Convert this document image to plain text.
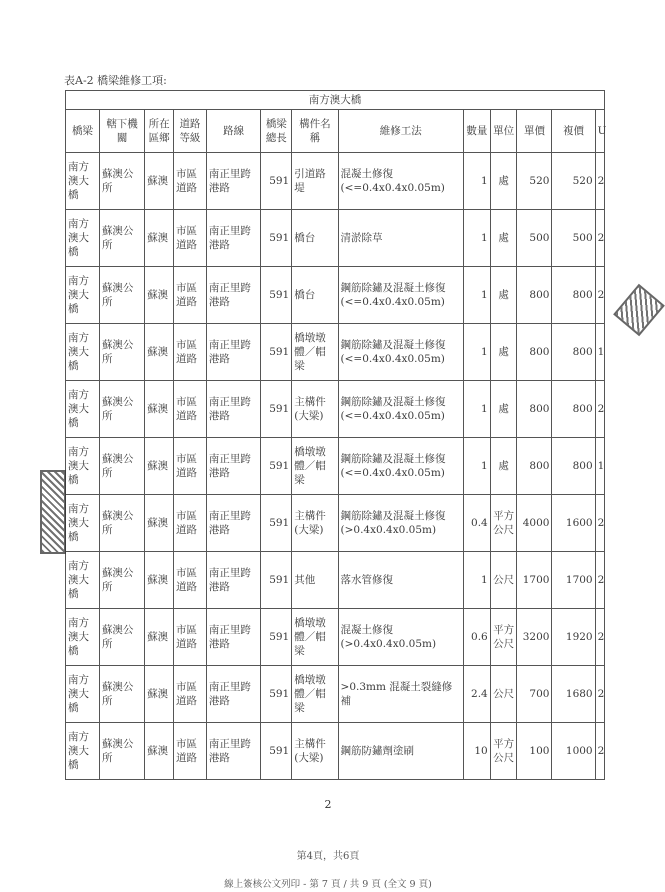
表A-2 橋梁維修工項:
南方澳大橋												
橋梁	轄下機關	所在區鄉	道路等級	路線	橋梁總長	構件名稱	維修工法	數量	單位	單價	複價	U
南方澳大橋	蘇澳公所	蘇澳	市區道路	南正里跨港路	591	引道路堤	混凝土修復(<=0.4x0.4x0.05m)	1	處	520	520	2
南方澳大橋	蘇澳公所	蘇澳	市區道路	南正里跨港路	591	橋台	清淤除草	1	處	500	500	2
南方澳大橋	蘇澳公所	蘇澳	市區道路	南正里跨港路	591	橋台	鋼筋除鏽及混凝土修復(<=0.4x0.4x0.05m)	1	處	800	800	2
南方澳大橋	蘇澳公所	蘇澳	市區道路	南正里跨港路	591	橋墩墩體／帽梁	鋼筋除鏽及混凝土修復(<=0.4x0.4x0.05m)	1	處	800	800	1
南方澳大橋	蘇澳公所	蘇澳	市區道路	南正里跨港路	591	主構件(大梁)	鋼筋除鏽及混凝土修復(<=0.4x0.4x0.05m)	1	處	800	800	2
南方澳大橋	蘇澳公所	蘇澳	市區道路	南正里跨港路	591	橋墩墩體／帽梁	鋼筋除鏽及混凝土修復(<=0.4x0.4x0.05m)	1	處	800	800	1
南方澳大橋	蘇澳公所	蘇澳	市區道路	南正里跨港路	591	主構件(大梁)	鋼筋除鏽及混凝土修復(>0.4x0.4x0.05m)	0.4	平方公尺	4000	1600	2
南方澳大橋	蘇澳公所	蘇澳	市區道路	南正里跨港路	591	其他	落水管修復	1	公尺	1700	1700	2
南方澳大橋	蘇澳公所	蘇澳	市區道路	南正里跨港路	591	橋墩墩體／帽梁	混凝土修復(>0.4x0.4x0.05m)	0.6	平方公尺	3200	1920	2
南方澳大橋	蘇澳公所	蘇澳	市區道路	南正里跨港路	591	橋墩墩體／帽梁	>0.3mm 混凝土裂縫修補	2.4	公尺	700	1680	2
南方澳大橋	蘇澳公所	蘇澳	市區道路	南正里跨港路	591	主構件(大梁)	鋼筋防鏽劑塗刷	10	平方公尺	100	1000	2
2
第4頁，共6頁
線上簽核公文列印 - 第 7 頁 / 共 9 頁 (全文 9 頁)
